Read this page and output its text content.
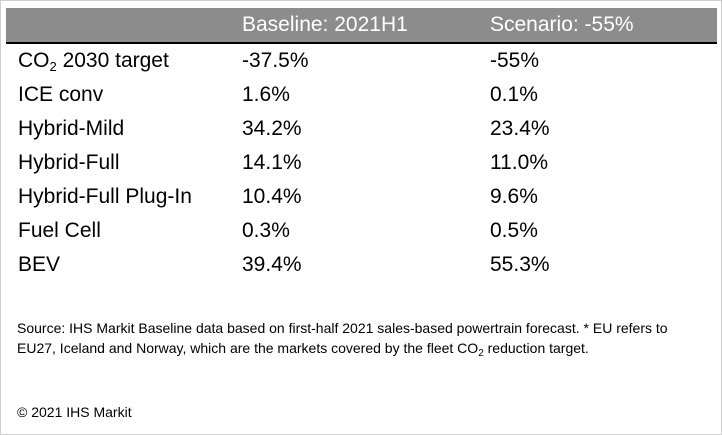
	Baseline: 2021H1	Scenario: -55%
$CO_2$ 2030 target	-37.5%	-55%
ICE conv	1.6%	0.1%
Hybrid-Mild	34.2%	23.4%
Hybrid-Full	14.1%	11.0%
Hybrid-Full Plug-In	10.4%	9.6%
Fuel Cell	0.3%	0.5%
BEV	39.4%	55.3%
Source: IHS Markit Baseline data based on first-half 2021 sales-based powertrain forecast. * EU refers to EU27, Iceland and Norway, which are the markets covered by the fleet $CO_2$ reduction target.
© 2021 IHS Markit
